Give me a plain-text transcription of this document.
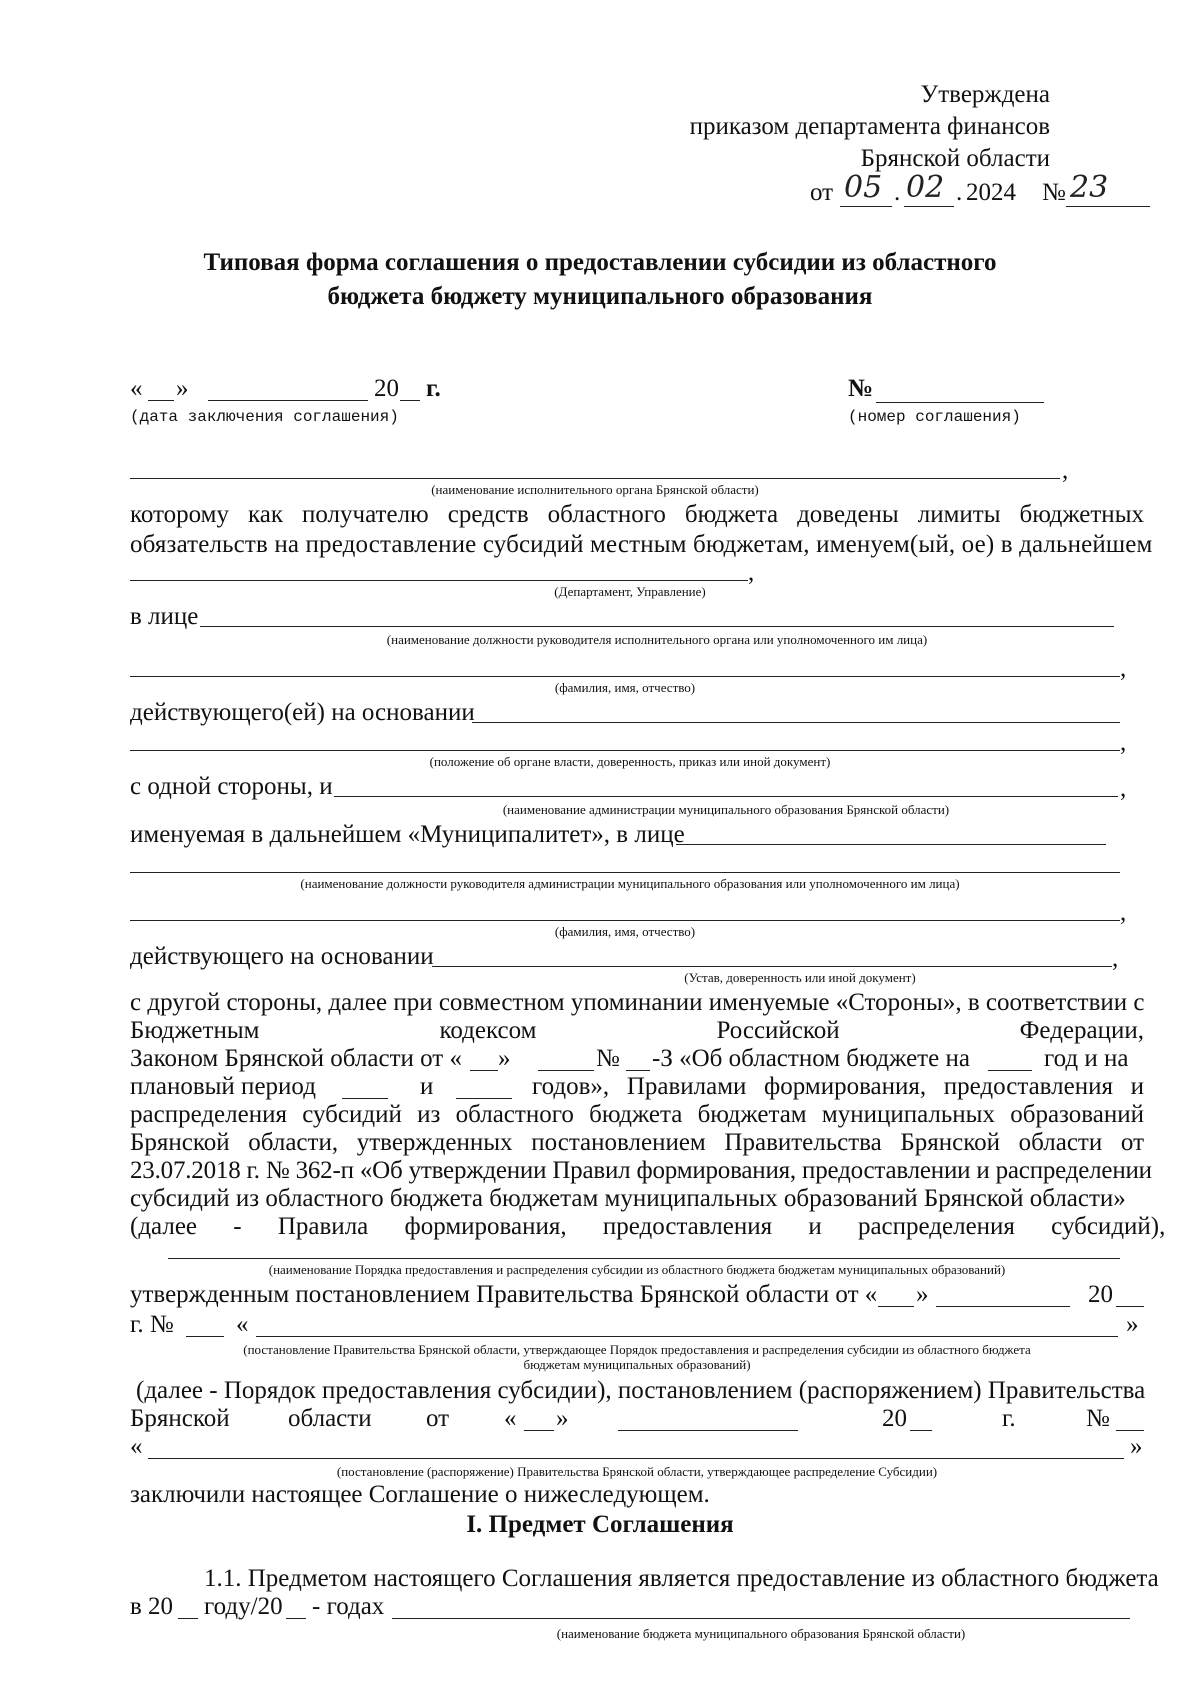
Утверждена
приказом департамента финансов
Брянской области
от 05 . 02 . 2024 № 23
Типовая форма соглашения о предоставлении субсидии из областного
бюджета бюджету муниципального образования
« »	20 г.
(дата заключения соглашения)
№
(номер соглашения)
,
(наименование исполнительного органа Брянской области)
которому как получателю средств областного бюджета доведены лимиты бюджетных
обязательств на предоставление субсидий местным бюджетам, именуем(ый, ое) в дальнейшем
,
(Департамент, Управление)
в лице
(наименование должности руководителя исполнительного органа или уполномоченного им лица)
,
(фамилия, имя, отчество)
действующего(ей) на основании
,
(положение об органе власти, доверенность, приказ или иной документ)
с одной стороны, и	,
(наименование администрации муниципального образования Брянской области)
именуемая в дальнейшем «Муниципалитет», в лице
(наименование должности руководителя администрации муниципального образования или уполномоченного им лица)
,
(фамилия, имя, отчество)
действующего на основании	,
(Устав, доверенность или иной документ)
с другой стороны, далее при совместном упоминании именуемые «Стороны», в соответствии с
Бюджетным кодексом Российской Федерации,
Законом Брянской области от « »	№ -З «Об областном бюджете на	год и на
плановый период	и	годов», Правилами формирования, предоставления и
распределения субсидий из областного бюджета бюджетам муниципальных образований
Брянской области, утвержденных постановлением Правительства Брянской области от
23.07.2018 г. № 362-п «Об утверждении Правил формирования, предоставлении и распределении
субсидий из областного бюджета бюджетам муниципальных образований Брянской области»
(далее - Правила формирования, предоставления и распределения субсидий),
(наименование Порядка предоставления и распределения субсидии из областного бюджета бюджетам муниципальных образований)
утвержденным постановлением Правительства Брянской области от « »	20
г. № «	»
(постановление Правительства Брянской области, утверждающее Порядок предоставления и распределения субсидии из областного бюджета
бюджетам муниципальных образований)
(далее - Порядок предоставления субсидии), постановлением (распоряжением) Правительства
Брянской области от « »	20	г.	№
«	»
(постановление (распоряжение) Правительства Брянской области, утверждающее распределение Субсидии)
заключили настоящее Соглашение о нижеследующем.
I. Предмет Соглашения
1.1. Предметом настоящего Соглашения является предоставление из областного бюджета
в 20 году/20 - годах
(наименование бюджета муниципального образования Брянской области)
